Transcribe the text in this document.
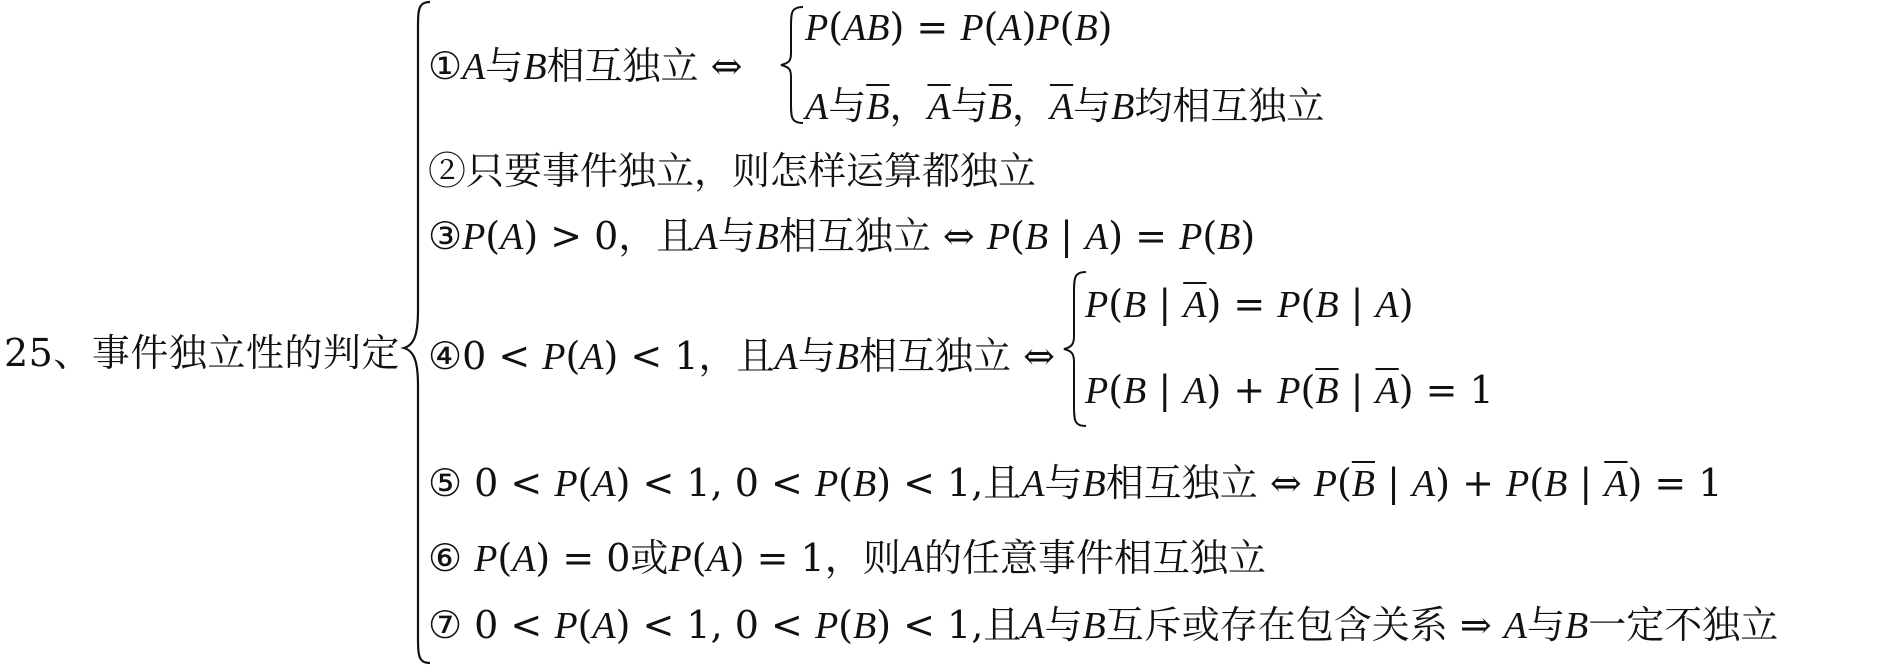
25、事件独立性的判定
①A与B相互独立 ⇔
P(AB) = P(A)P(B)
A与$\overline{B}$，$\overline{A}$与$\overline{B}$，$\overline{A}$与B均相互独立
②只要事件独立，则怎样运算都独立
③P(A) > 0，且A与B相互独立 ⇔ P(B | A) = P(B)
④0 < P(A) < 1，且A与B相互独立 ⇔
P(B | $\overline{A}) = P(B$ | A)
P(B | $A) + P(\overline{B}$ | $\overline{A}) = 1$
⑤ 0 < P(A) < 1, 0 < P(B) < 1,且A与B相互独立 ⇔ $P(\overline{B}$ | A) + P(B | $\overline{A}) = 1$
⑥ P(A) = 0或P(A) = 1，则A的任意事件相互独立
⑦ 0 < P(A) < 1, 0 < P(B) < 1,且A与B互斥或存在包含关系 ⇒ A与B一定不独立
